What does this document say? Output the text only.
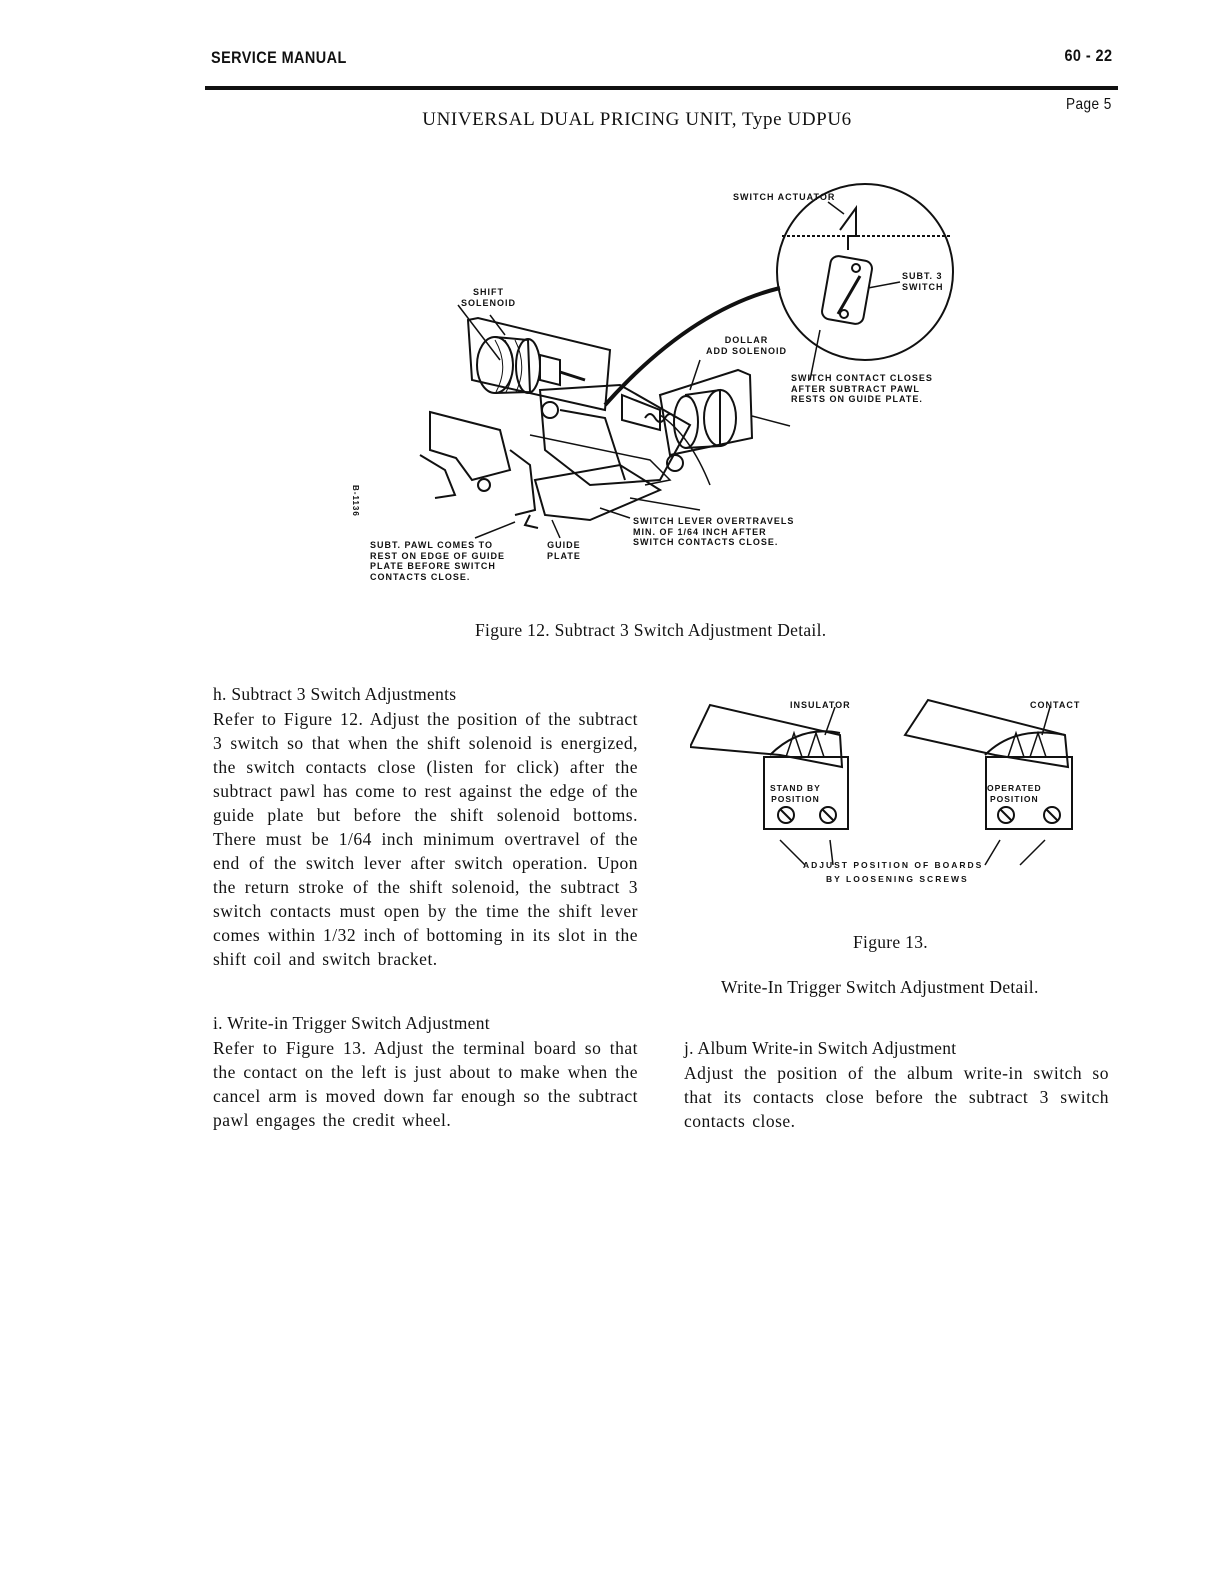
SERVICE MANUAL	60 - 22
Page 5
UNIVERSAL DUAL PRICING UNIT, Type UDPU6
SWITCH ACTUATOR
SUBT. 3
SWITCH
SHIFT
SOLENOID
DOLLAR
ADD SOLENOID
SWITCH CONTACT CLOSES
AFTER SUBTRACT PAWL
RESTS ON GUIDE PLATE.
SWITCH LEVER OVERTRAVELS
MIN. OF 1/64 INCH AFTER
SWITCH CONTACTS CLOSE.
SUBT. PAWL COMES TO
REST ON EDGE OF GUIDE
PLATE BEFORE SWITCH
CONTACTS CLOSE.
GUIDE
PLATE
B-1136
Figure 12. Subtract 3 Switch Adjustment Detail.
h. Subtract 3 Switch Adjustments
Refer to Figure 12. Adjust the position of the subtract 3 switch so that when the shift solenoid is energized, the switch contacts close (listen for click) after the subtract pawl has come to rest against the edge of the guide plate but before the shift solenoid bottoms. There must be 1/64 inch minimum overtravel of the end of the switch lever after switch operation. Upon the return stroke of the shift solenoid, the subtract 3 switch contacts must open by the time the shift lever comes within 1/32 inch of bottoming in its slot in the shift coil and switch bracket.
i. Write-in Trigger Switch Adjustment
Refer to Figure 13. Adjust the terminal board so that the contact on the left is just about to make when the cancel arm is moved down far enough so the subtract pawl engages the credit wheel.
INSULATOR	CONTACT
STAND BY
POSITION
OPERATED
POSITION
ADJUST POSITION OF BOARDS
BY LOOSENING SCREWS
Figure 13.
Write-In Trigger Switch Adjustment Detail.
j. Album Write-in Switch Adjustment
Adjust the position of the album write-in switch so that its contacts close before the subtract 3 switch contacts close.
